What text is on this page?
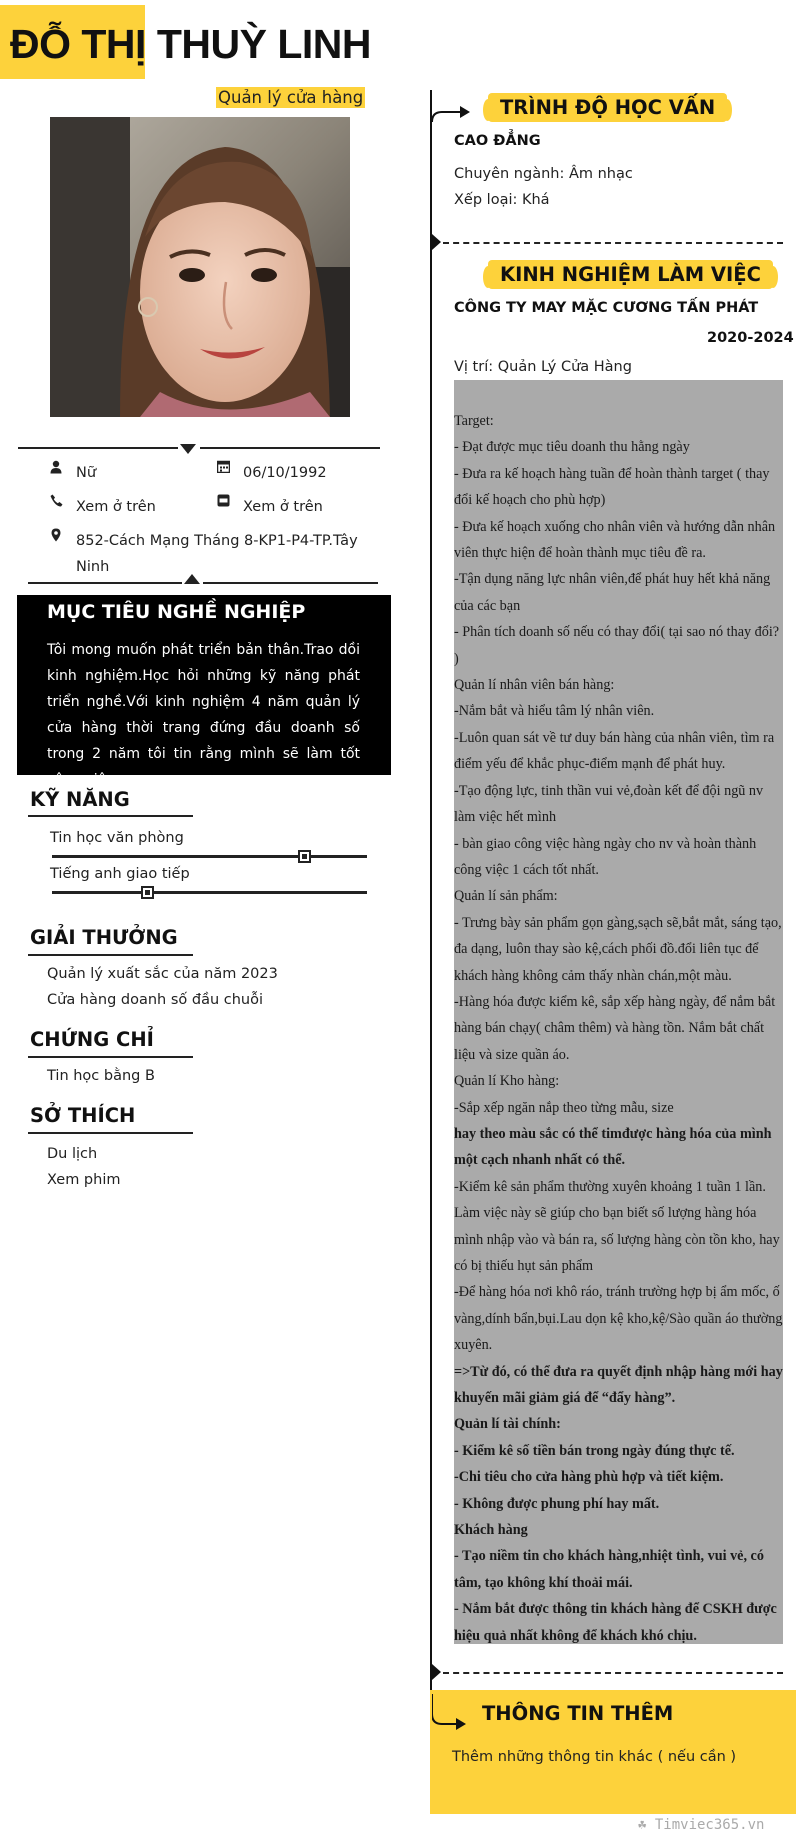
ĐỖ THỊ THUỲ LINH
Quản lý cửa hàng
Nữ	06/10/1992
Xem ở trên	Xem ở trên
852-Cách Mạng Tháng 8-KP1-P4-TP.Tây
Ninh
MỤC TIÊU NGHỀ NGHIỆP

Tôi mong muốn phát triển bản thân.Trao dồi kinh nghiệm.Học hỏi những kỹ năng phát triển nghề.Với kinh nghiệm 4 năm quản lý cửa hàng thời trang đứng đầu doanh số trong 2 năm tôi tin rằng mình sẽ làm tốt công việc.

KỸ NĂNG
Tin học văn phòng
Tiếng anh giao tiếp
GIẢI THƯỞNG
Quản lý xuất sắc của năm 2023
Cửa hàng doanh số đầu chuỗi
CHỨNG CHỈ
Tin học bằng B
SỞ THÍCH
Du lịch
Xem phim
TRÌNH ĐỘ HỌC VẤN
CAO ĐẲNG
Chuyên ngành: Âm nhạc
Xếp loại: Khá
KINH NGHIỆM LÀM VIỆC
CÔNG TY MAY MẶC CƯƠNG TẤN PHÁT
2020-2024
Vị trí: Quản Lý Cửa Hàng
Target:
- Đạt được mục tiêu doanh thu hằng ngày
- Đưa ra kế hoạch hàng tuần để hoàn thành target ( thay
đổi kế hoạch cho phù hợp)
- Đưa kế hoạch xuống cho nhân viên và hướng dẫn nhân
viên thực hiện để hoàn thành mục tiêu đề ra.
-Tận dụng năng lực nhân viên,để phát huy hết khả năng
của các bạn
- Phân tích doanh số nếu có thay đổi( tại sao nó thay đổi?
)
Quản lí nhân viên bán hàng:
-Nắm bắt và hiểu tâm lý nhân viên.
-Luôn quan sát về tư duy bán hàng của nhân viên, tìm ra
điểm yếu để khắc phục-điểm mạnh để phát huy.
-Tạo động lực, tinh thần vui vẻ,đoàn kết để đội ngũ nv
làm việc hết mình
- bàn giao công việc hàng ngày cho nv và hoàn thành
công việc 1 cách tốt nhất.
Quản lí sản phẩm:
- Trưng bày sản phẩm gọn gàng,sạch sẽ,bắt mắt, sáng tạo,
đa dạng, luôn thay sào kệ,cách phối đồ.đổi liên tục để
khách hàng không cảm thấy nhàn chán,một màu.
-Hàng hóa được kiểm kê, sắp xếp hàng ngày, để nắm bắt
hàng bán chạy( châm thêm) và hàng tồn. Nắm bắt chất
liệu và size quần áo.
Quản lí Kho hàng:
-Sắp xếp ngăn nắp theo từng mẫu, size
hay theo màu sắc có thể timđược hàng hóa của mình
một cạch nhanh nhất có thể.
-Kiểm kê sản phẩm thường xuyên khoảng 1 tuần 1 lần.
Làm việc này sẽ giúp cho bạn biết số lượng hàng hóa
mình nhập vào và bán ra, số lượng hàng còn tồn kho, hay
có bị thiếu hụt sản phẩm
-Để hàng hóa nơi khô ráo, tránh trường hợp bị ẩm mốc, ố
vàng,dính bẩn,bụi.Lau dọn kệ kho,kệ/Sào quần áo thường
xuyên.
=>Từ đó, có thể đưa ra quyết định nhập hàng mới hay
khuyến mãi giảm giá để “đẩy hàng”.
Quản lí tài chính:
- Kiểm kê số tiền bán trong ngày đúng thực tế.
-Chi tiêu cho cửa hàng phù hợp và tiết kiệm.
- Không được phung phí hay mất.
Khách hàng
- Tạo niềm tin cho khách hàng,nhiệt tình, vui vẻ, có
tâm, tạo không khí thoải mái.
- Nắm bắt được thông tin khách hàng để CSKH được
hiệu quả nhất không để khách khó chịu.
THÔNG TIN THÊM
Thêm những thông tin khác ( nếu cần )
☘ Timviec365.vn
